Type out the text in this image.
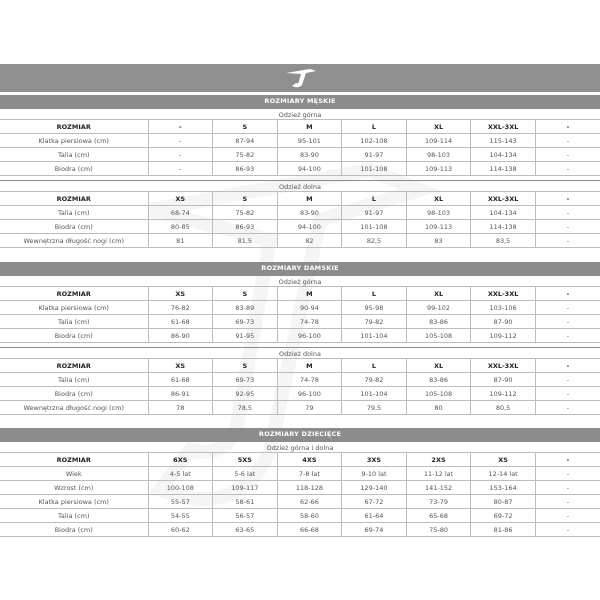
ROZMIARY MĘSKIE
Odzież górna
ROZMIAR	-	S	M	L	XL	XXL-3XL	-
Klatka piersiowa (cm)	-	87-94	95-101	102-108	109-114	115-143	-
Talia (cm)	-	75-82	83-90	91-97	98-103	104-134	-
Biodra (cm)	-	86-93	94-100	101-108	109-113	114-138	-
Odzież dolna
ROZMIAR	XS	S	M	L	XL	XXL-3XL	-
Talia (cm)	68-74	75-82	83-90	91-97	98-103	104-134	-
Biodra (cm)	80-85	86-93	94-100	101-108	109-113	114-138	-
Wewnętrzna długość nogi (cm)	81	81,5	82	82,5	83	83,5	-
ROZMIARY DAMSKIE
Odzież górna
ROZMIAR	XS	S	M	L	XL	XXL-3XL	-
Klatka piersiowa (cm)	76-82	83-89	90-94	95-98	99-102	103-106	-
Talia (cm)	61-68	69-73	74-78	79-82	83-86	87-90	-
Biodra (cm)	86-90	91-95	96-100	101-104	105-108	109-112	-
Odzież dolna
ROZMIAR	XS	S	M	L	XL	XXL-3XL	-
Talia (cm)	61-68	69-73	74-78	79-82	83-86	87-90	-
Biodra (cm)	86-91	92-95	96-100	101-104	105-108	109-112	-
Wewnętrzna długość nogi (cm)	78	78,5	79	79,5	80	80,5	-
ROZMIARY DZIECIĘCE
Odzież górna i dolna
ROZMIAR	6XS	5XS	4XS	3XS	2XS	XS	-
Wiek	4-5 lat	5-6 lat	7-8 lat	9-10 lat	11-12 lat	12-14 lat	-
Wzrost (cm)	100-108	109-117	118-128	129-140	141-152	153-164	-
Klatka piersiowa (cm)	55-57	58-61	62-66	67-72	73-79	80-87	-
Talia (cm)	54-55	56-57	58-60	61-64	65-68	69-72	-
Biodra (cm)	60-62	63-65	66-68	69-74	75-80	81-86	-
